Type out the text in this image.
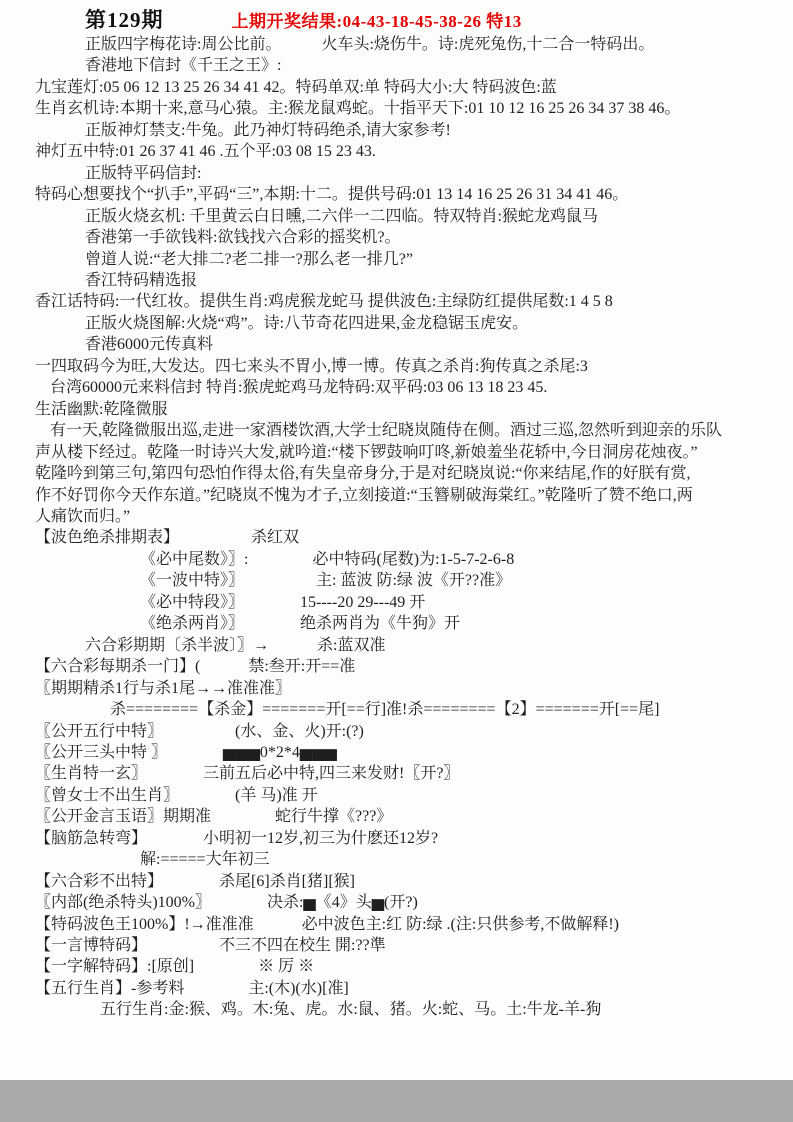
第129期	上期开奖结果:04-43-18-45-38-26 特13
正版四字梅花诗:周公比前。　　　火车头:烧伤牛。诗:虎死兔伤,十二合一特码出。
香港地下信封《千王之王》:
九宝莲灯:05 06 12 13 25 26 34 41 42。特码单双:单 特码大小:大 特码波色:蓝
生肖玄机诗:本期十来,意马心猿。主:猴龙鼠鸡蛇。十指平天下:01 10 12 16 25 26 34 37 38 46。
正版神灯禁支:牛兔。此乃神灯特码绝杀,请大家参考!
神灯五中特:01 26 37 41 46 .五个平:03 08 15 23 43.
正版特平码信封:
特码心想要找个“扒手”,平码“三”,本期:十二。提供号码:01 13 14 16 25 26 31 34 41 46。
正版火烧玄机: 千里黄云白日曛,二六伴一二四临。特双特肖:猴蛇龙鸡鼠马
香港第一手欲钱料:欲钱找六合彩的摇奖机?。
曾道人说:“老大排二?老二排一?那么老一排几?”
香江特码精选报
香江话特码:一代红妆。提供生肖:鸡虎猴龙蛇马 提供波色:主绿防红提供尾数:1 4 5 8
正版火烧图解:火烧“鸡”。诗:八节奇花四进果,金龙稳锯玉虎安。
香港6000元传真料
一四取码今为旺,大发达。四七来头不胃小,博一博。传真之杀肖:狗传真之杀尾:3
台湾60000元来料信封 特肖:猴虎蛇鸡马龙特码:双平码:03 06 13 18 23 45.
生活幽默:乾隆微服
有一天,乾隆微服出巡,走进一家酒楼饮酒,大学士纪晓岚随侍在侧。酒过三巡,忽然听到迎亲的乐队
声从楼下经过。乾隆一时诗兴大发,就吟道:“楼下锣鼓响叮咚,新娘羞坐花轿中,今日洞房花烛夜。”
乾隆吟到第三句,第四句恐怕作得太俗,有失皇帝身分,于是对纪晓岚说:“你来结尾,作的好朕有赏,
作不好罚你今天作东道。”纪晓岚不愧为才子,立刻接道:“玉簪剔破海棠红。”乾隆听了赞不绝口,两
人痛饮而归。”
【波色绝杀排期表】　　　　　杀红双
《必中尾数》〗:　　　　必中特码(尾数)为:1-5-7-2-6-8
《一波中特》〗　　　　　主: 蓝波 防:绿 波《开??准》
《必中特段》〗　　　　15----20 29---49 开
《绝杀两肖》〗　　　　绝杀两肖为《牛狗》开
六合彩期期〔杀半波〕〗→　　　杀:蓝双准
【六合彩每期杀一门】(　　　禁:叁开:开==准
〖期期精杀1行与杀1尾→→准准准〗
杀========【杀金】=======开[==行]准!杀========【2】=======开[==尾]
〖公开五行中特〗　　　　　(水、金、火)开:(?)
〖公开三头中特 〗　　　　▅▅▅0*2*4▅▅▅
〖生肖特一玄〗　　　　三前五后必中特,四三来发财!〖开?〗
〖曾女士不出生肖〗　　　　(羊 马)准 开
〖公开金言玉语〗期期准　　　　蛇行牛撑《???》
【脑筋急转弯】　　　　小明初一12岁,初三为什麽还12岁?
解:=====大年初三
【六合彩不出特】　　　　杀尾[6]杀肖[猪][猴]
〖内部(绝杀特头)100%〗　　　　决杀:▅《4》头▅(开?)
【特码波色王100%】!→准准准　　　必中波色主:红 防:绿 .(注:只供参考,不做解释!)
【一言博特码】　　　　　不三不四在校生 開:??準
【一字解特码】:[原创]　　　　※ 厉 ※
【五行生肖】-参考料　　　　主:(木)(水)[准]
五行生肖:金:猴、鸡。木:兔、虎。水:鼠、猪。火:蛇、马。土:牛龙-羊-狗
